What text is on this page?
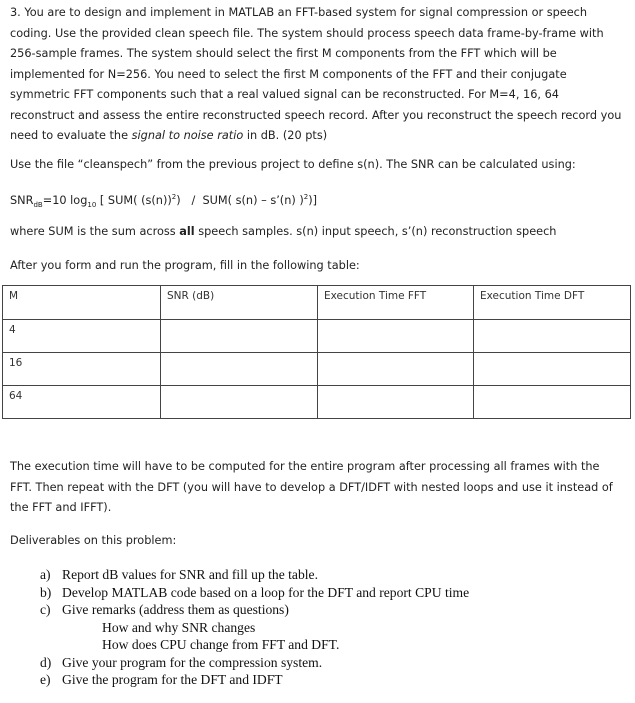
3. You are to design and implement in MATLAB an FFT-based system for signal compression or speech coding. Use the provided clean speech file. The system should process speech data frame-by-frame with 256-sample frames. The system should select the first M components from the FFT which will be implemented for N=256. You need to select the first M components of the FFT and their conjugate symmetric FFT components such that a real valued signal can be reconstructed. For M=4, 16, 64 reconstruct and assess the entire reconstructed speech record. After you reconstruct the speech record you need to evaluate the signal to noise ratio in dB. (20 pts)

Use the file “cleanspech” from the previous project to define s(n). The SNR can be calculated using:

$SNR_{dB}=10$ $\log_{10}$ [ SUM( $(s(n))^2) / SUM$( s(n) – s’(n) )$^2$)]

where SUM is the sum across all speech samples. s(n) input speech, s’(n) reconstruction speech

After you form and run the program, fill in the following table:

M	SNR (dB)	Execution Time FFT	Execution Time DFT
4			
16			
64			

The execution time will have to be computed for the entire program after processing all frames with the FFT. Then repeat with the DFT (you will have to develop a DFT/IDFT with nested loops and use it instead of the FFT and IFFT).

Deliverables on this problem:

a) Report dB values for SNR and fill up the table.
b) Develop MATLAB code based on a loop for the DFT and report CPU time
c) Give remarks (address them as questions)
How and why SNR changes
How does CPU change from FFT and DFT.
d) Give your program for the compression system.
e) Give the program for the DFT and IDFT
